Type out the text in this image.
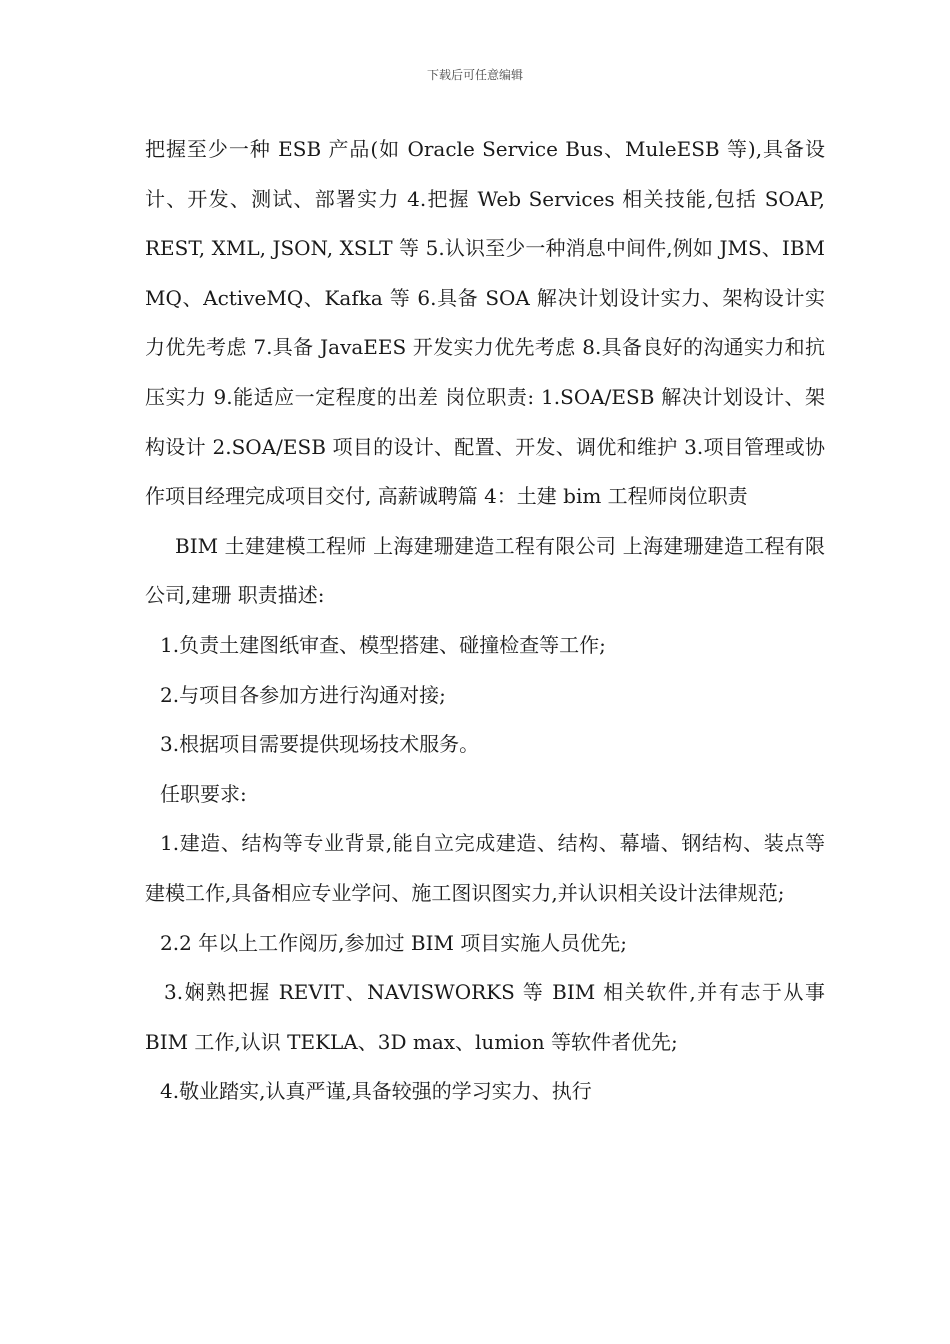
下载后可任意编辑

把握至少一种 ESB 产品(如 Oracle Service Bus、MuleESB 等),具备设计、开发、测试、部署实力 4.把握 Web Services 相关技能,包括 SOAP, REST, XML, JSON, XSLT 等 5.认识至少一种消息中间件,例如 JMS、IBM MQ、ActiveMQ、Kafka 等 6.具备 SOA 解决计划设计实力、架构设计实力优先考虑 7.具备 JavaEES 开发实力优先考虑 8.具备良好的沟通实力和抗压实力 9.能适应一定程度的出差 岗位职责: 1.SOA/ESB 解决计划设计、架构设计 2.SOA/ESB 项目的设计、配置、开发、调优和维护 3.项目管理或协作项目经理完成项目交付, 高薪诚聘篇 4：土建 bim 工程师岗位职责

BIM 土建建模工程师 上海建珊建造工程有限公司 上海建珊建造工程有限公司,建珊 职责描述:

1.负责土建图纸审查、模型搭建、碰撞检查等工作;

2.与项目各参加方进行沟通对接;

3.根据项目需要提供现场技术服务。

任职要求:

1.建造、结构等专业背景,能自立完成建造、结构、幕墙、钢结构、装点等建模工作,具备相应专业学问、施工图识图实力,并认识相关设计法律规范;

2.2 年以上工作阅历,参加过 BIM 项目实施人员优先;

3.娴熟把握 REVIT、NAVISWORKS 等 BIM 相关软件,并有志于从事 BIM 工作,认识 TEKLA、3D max、lumion 等软件者优先;

4.敬业踏实,认真严谨,具备较强的学习实力、执行
